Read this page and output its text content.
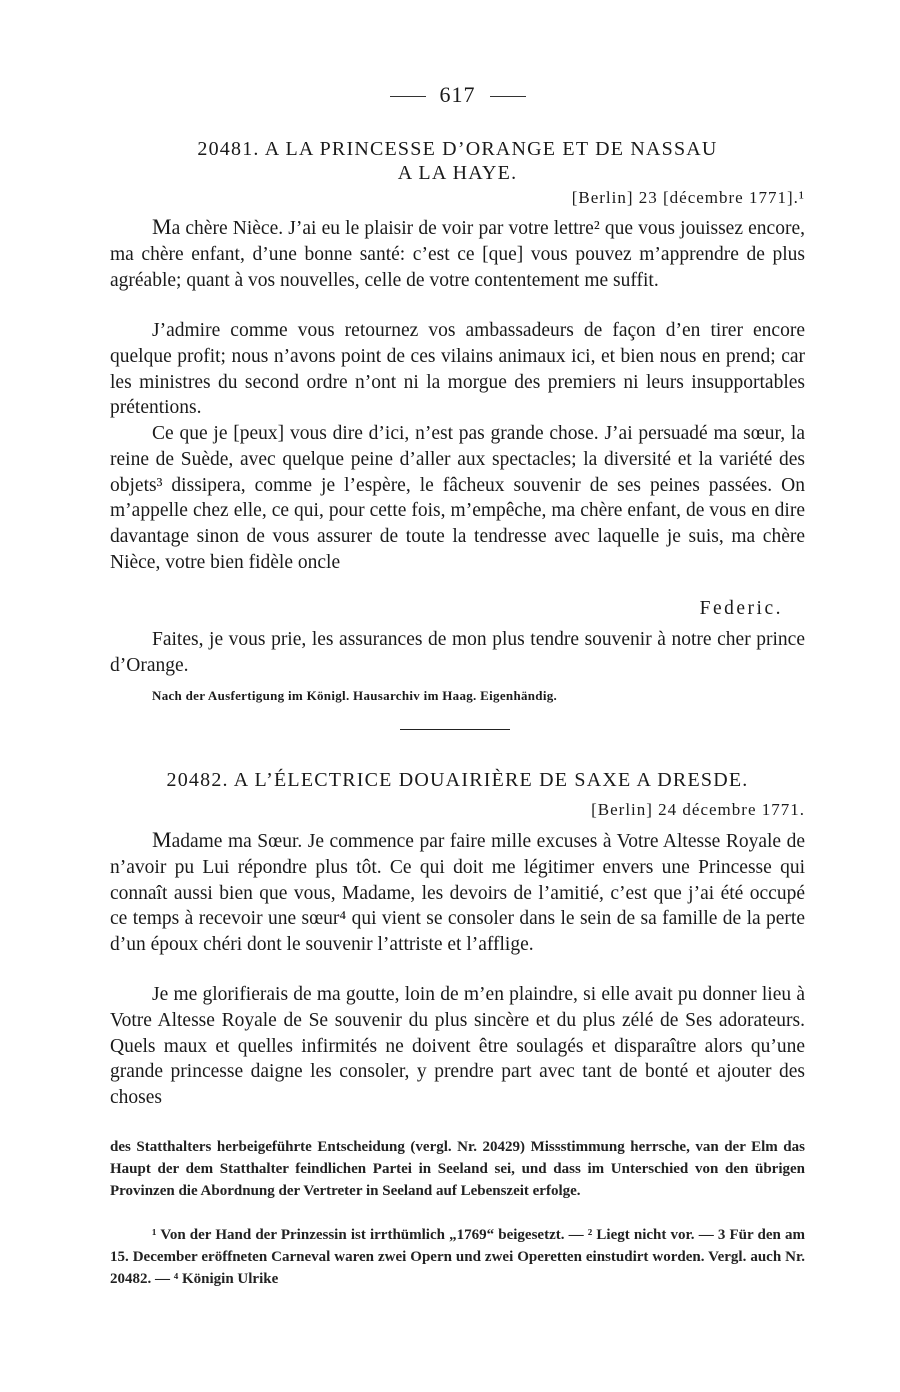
617
20481. A LA PRINCESSE D’ORANGE ET DE NASSAU
A LA HAYE.
[Berlin] 23 [décembre 1771].¹

Ma chère Nièce. J’ai eu le plaisir de voir par votre lettre² que vous jouissez encore, ma chère enfant, d’une bonne santé: c’est ce [que] vous pouvez m’apprendre de plus agréable; quant à vos nouvelles, celle de votre contentement me suffit.

J’admire comme vous retournez vos ambassadeurs de façon d’en tirer encore quelque profit; nous n’avons point de ces vilains animaux ici, et bien nous en prend; car les ministres du second ordre n’ont ni la morgue des premiers ni leurs insupportables prétentions.

Ce que je [peux] vous dire d’ici, n’est pas grande chose. J’ai persuadé ma sœur, la reine de Suède, avec quelque peine d’aller aux spectacles; la diversité et la variété des objets³ dissipera, comme je l’espère, le fâcheux souvenir de ses peines passées. On m’appelle chez elle, ce qui, pour cette fois, m’empêche, ma chère enfant, de vous en dire davantage sinon de vous assurer de toute la tendresse avec laquelle je suis, ma chère Nièce, votre bien fidèle oncle

Federic.

Faites, je vous prie, les assurances de mon plus tendre souvenir à notre cher prince d’Orange.

Nach der Ausfertigung im Königl. Hausarchiv im Haag. Eigenhändig.
20482. A L’ÉLECTRICE DOUAIRIÈRE DE SAXE A DRESDE.
[Berlin] 24 décembre 1771.

Madame ma Sœur. Je commence par faire mille excuses à Votre Altesse Royale de n’avoir pu Lui répondre plus tôt. Ce qui doit me légitimer envers une Princesse qui connaît aussi bien que vous, Madame, les devoirs de l’amitié, c’est que j’ai été occupé ce temps à recevoir une sœur⁴ qui vient se consoler dans le sein de sa famille de la perte d’un époux chéri dont le souvenir l’attriste et l’afflige.

Je me glorifierais de ma goutte, loin de m’en plaindre, si elle avait pu donner lieu à Votre Altesse Royale de Se souvenir du plus sincère et du plus zélé de Ses adorateurs. Quels maux et quelles infirmités ne doivent être soulagés et disparaître alors qu’une grande princesse daigne les consoler, y prendre part avec tant de bonté et ajouter des choses

des Statthalters herbeigeführte Entscheidung (vergl. Nr. 20429) Missstimmung herrsche, van der Elm das Haupt der dem Statthalter feindlichen Partei in Seeland sei, und dass im Unterschied von den übrigen Provinzen die Abordnung der Vertreter in Seeland auf Lebenszeit erfolge.

¹ Von der Hand der Prinzessin ist irrthümlich „1769“ beigesetzt. — ² Liegt nicht vor. — 3 Für den am 15. December eröffneten Carneval waren zwei Opern und zwei Operetten einstudirt worden. Vergl. auch Nr. 20482. — ⁴ Königin Ulrike
